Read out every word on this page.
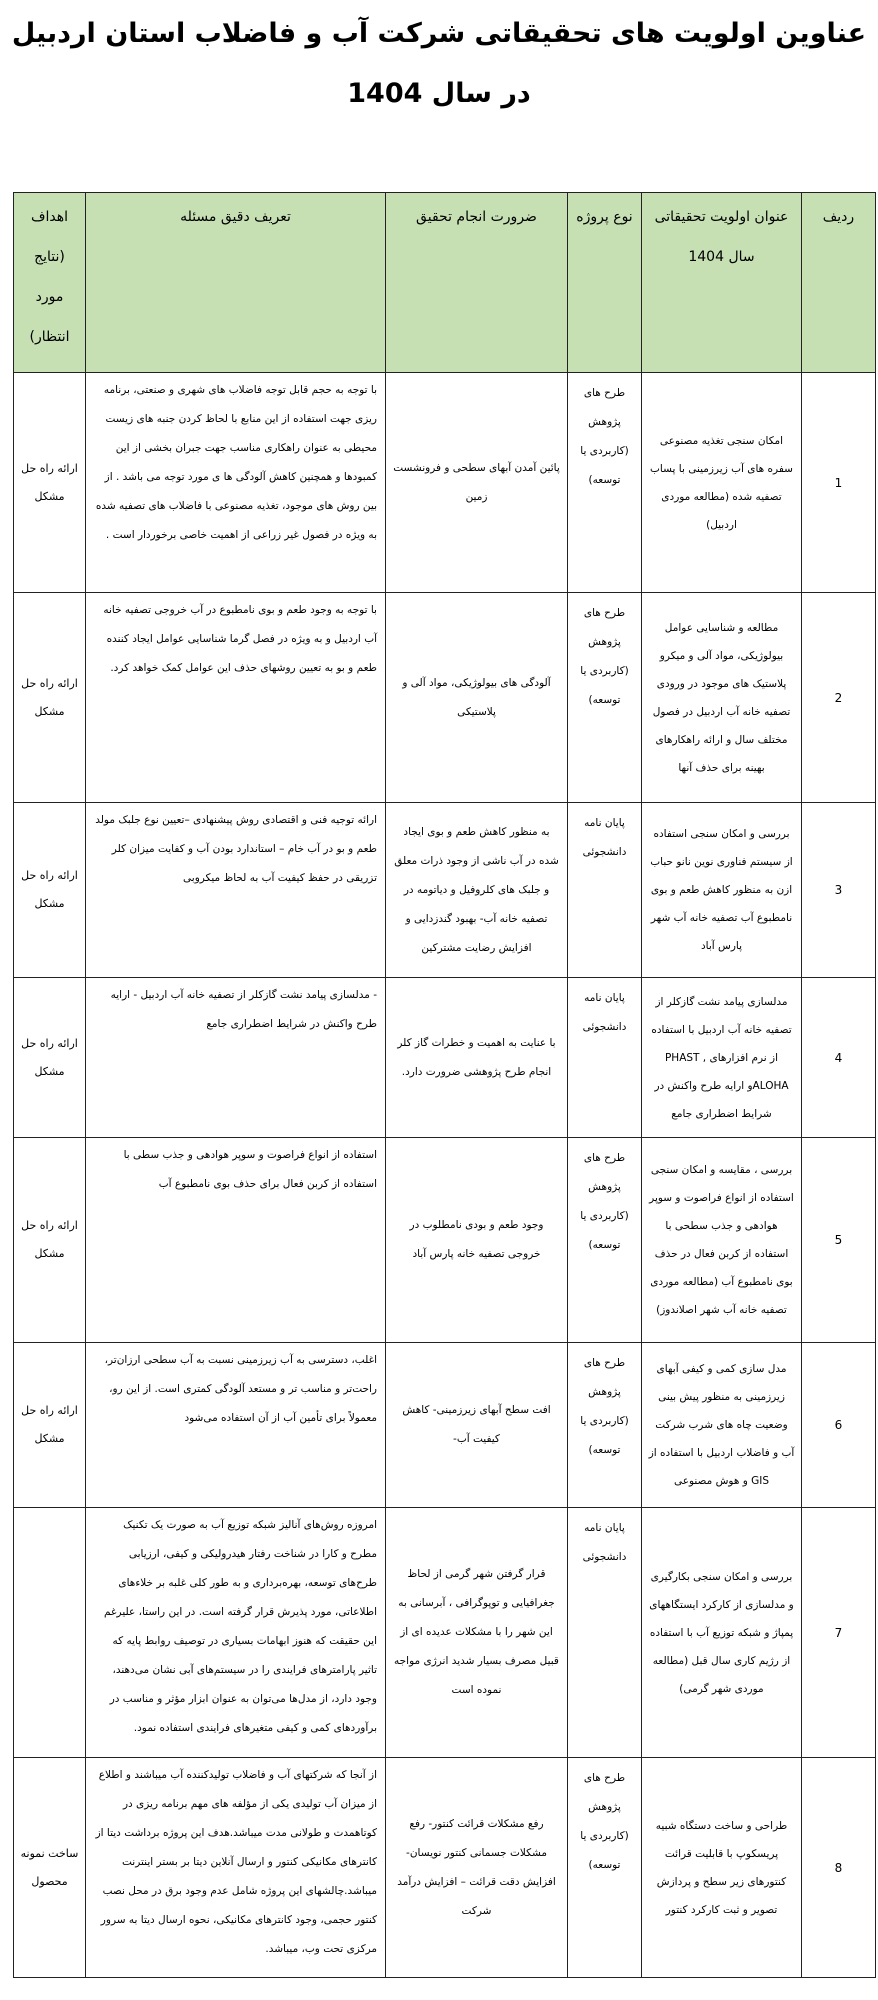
عناوین اولویت های تحقیقاتی شرکت آب و فاضلاب استان اردبیل
در سال 1404
ردیف	عنوان اولویت تحقیقاتی سال 1404	نوع پروژه	ضرورت انجام تحقیق	تعریف دقیق مسئله	اهداف (نتایج مورد انتظار)
1	امکان سنجی تغذیه مصنوعی سفره های آب زیرزمینی با پساب تصفیه شده (مطالعه موردی اردبیل)	طرح های پژوهش (کاربردی یا توسعه)	پائین آمدن آبهای سطحی و فرونشست زمین	با توجه به حجم قابل توجه فاضلاب های شهری و صنعتی، برنامه ریزی جهت استفاده از این منابع با لحاظ کردن جنبه های زیست محیطی به عنوان راهکاری مناسب جهت جبران بخشی از این کمبودها و همچنین کاهش آلودگی ها ی مورد توجه می باشد . از بین روش های موجود، تغذیه مصنوعی با فاضلاب های تصفیه شده به ویژه در فصول غیر زراعی از اهمیت خاصی برخوردار است .	ارائه راه حل مشکل
2	مطالعه و شناسایی عوامل بیولوژیکی، مواد آلی و میکرو پلاستیک های موجود در ورودی تصفیه خانه آب اردبیل در فصول مختلف سال و ارائه راهکارهای بهینه برای حذف آنها	طرح های پژوهش (کاربردی یا توسعه)	آلودگی های بیولوژیکی، مواد آلی و پلاستیکی	با توجه به وجود طعم و بوی نامطبوع در آب خروجی تصفیه خانه آب اردبیل و به ویژه در فصل گرما شناسایی عوامل ایجاد کننده طعم و بو به تعیین روشهای حذف این عوامل کمک خواهد کرد.	ارائه راه حل مشکل
3	بررسی و امکان سنجی استفاده از سیستم فناوری نوین نانو حباب ازن به منظور کاهش طعم و بوی نامطبوع آب تصفیه خانه آب شهر پارس آباد	پایان نامه دانشجوئی	به منظور کاهش طعم و بوی ایجاد شده در آب ناشی از وجود ذرات معلق و جلبک های کلروفیل و دیاتومه در تصفیه خانه آب- بهبود گندزدایی و افزایش رضایت مشترکین	ارائه توجیه فنی و اقتصادی روش پیشنهادی –تعیین نوع جلبک مولد طعم و بو در آب خام – استاندارد بودن آب و کفایت میزان کلر تزریقی در حفظ کیفیت آب به لحاظ میکروبی	ارائه راه حل مشکل
4	مدلسازی پیامد نشت گازکلر از تصفیه خانه آب اردبیل با استفاده از نرم افزارهای PHAST , ALOHAو ارایه طرح واکنش در شرایط اضطراری جامع	پایان نامه دانشجوئی	با عنایت به اهمیت و خطرات گاز کلر انجام طرح پژوهشی ضرورت دارد.	- مدلسازی پیامد نشت گازکلر از تصفیه خانه آب اردبیل - ارایه طرح واکنش در شرایط اضطراری جامع	ارائه راه حل مشکل
5	بررسی ، مقایسه و امکان سنجی استفاده از انواع فراصوت و سوپر هوادهی و جذب سطحی با استفاده از کربن فعال در حذف بوی نامطبوع آب (مطالعه موردی تصفیه خانه آب شهر اصلاندوز)	طرح های پژوهش (کاربردی یا توسعه)	وجود طعم و بودی نامطلوب در خروجی تصفیه خانه پارس آباد	استفاده از انواع فراصوت و سوپر هوادهی و جذب سطی با استفاده از کربن فعال برای حذف بوی نامطبوع آب	ارائه راه حل مشکل
6	مدل سازی کمی و کیفی آبهای زیرزمینی به منظور پیش بینی وضعیت چاه های شرب شرکت آب و فاضلاب اردبیل با استفاده از GIS و هوش مصنوعی	طرح های پژوهش (کاربردی یا توسعه)	افت سطح آبهای زیرزمینی- کاهش کیفیت آب-	اغلب، دسترسی به آب زیرزمینی نسبت به آب سطحی ارزان‌تر، راحت‌تر و مناسب تر و مستعد آلودگی کمتری است. از این رو، معمولاً برای تأمین آب از آن استفاده می‌شود	ارائه راه حل مشکل
7	بررسی و امکان سنجی بکارگیری و مدلسازی از کارکرد ایستگاههای پمپاژ و شبکه توزیع آب با استفاده از رژیم کاری سال قبل (مطالعه موردی شهر گرمی)	پایان نامه دانشجوئی	قرار گرفتن شهر گرمی از لحاظ جغرافیایی و توپوگرافی ، آبرسانی به این شهر را با مشکلات عدیده ای از قبیل مصرف بسیار شدید انرژی مواجه نموده است	امروزه روش‌های آنالیز شبکه توزیع آب به صورت یک تکنیک مطرح و کارا در شناخت رفتار هیدرولیکی و کیفی، ارزیابی طرح‌های توسعه، بهره‌برداری و به طور کلی غلبه بر خلاءهای اطلاعاتی، مورد پذیرش قرار گرفته است. در این راستا، علیرغم این حقیقت که هنوز ابهامات بسیاری در توصیف روابط پایه که تاثیر پارامترهای فرایندی را در سیستم‌های آبی نشان می‌دهند، وجود دارد، از مدل‌ها می‌توان به عنوان ابزار مؤثر و مناسب در برآوردهای کمی و کیفی متغیرهای فرایندی استفاده نمود.	
8	طراحی و ساخت دستگاه شبیه پریسکوپ با قابلیت قرائت کنتورهای زیر سطح و پردازش تصویر و ثبت کارکرد کنتور	طرح های پژوهش (کاربردی یا توسعه)	رفع مشکلات قرائت کنتور- رفع مشکلات جسمانی کنتور نویسان- افزایش دقت قرائت – افزایش درآمد شرکت	از آنجا که شرکتهای آب و فاضلاب تولیدکننده آب میباشند و اطلاع از میزان آب تولیدی یکی از مؤلفه های مهم برنامه ریزی در کوتاهمدت و طولانی مدت میباشد.هدف این پروژه برداشت دیتا از کانترهای مکانیکی کنتور و ارسال آنلاین دیتا بر بستر اینترنت میباشد.چالشهای این پروژه شامل عدم وجود برق در محل نصب کنتور حجمی، وجود کانترهای مکانیکی، نحوه ارسال دیتا به سرور مرکزی تحت وب، میباشد.	ساخت نمونه محصول
